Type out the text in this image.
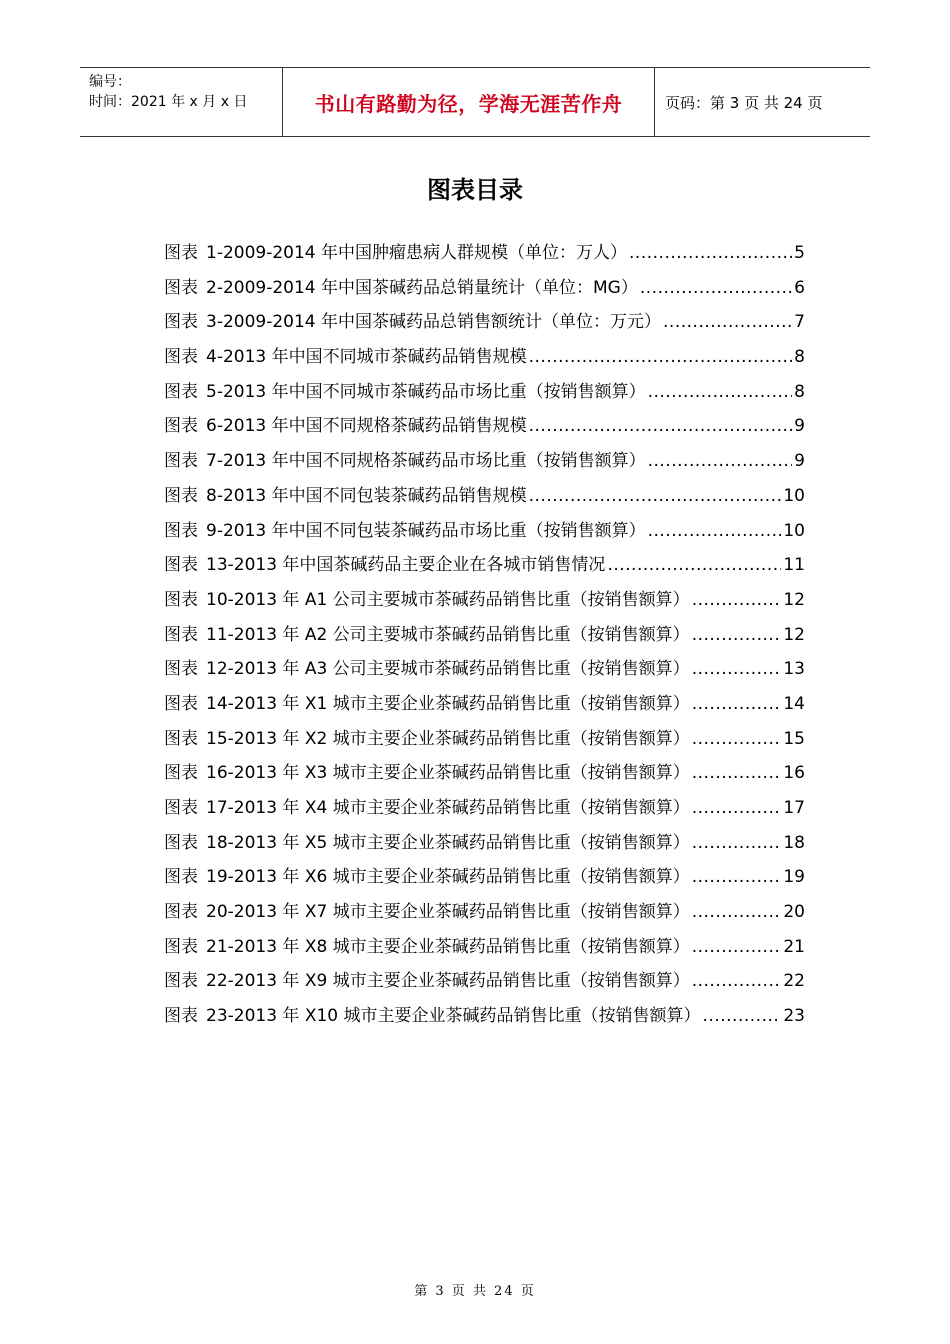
编号：
时间：2021 年 x 月 x 日	书山有路勤为径，学海无涯苦作舟	页码：第 3 页 共 24 页
图表目录
图表 1-2009-2014 年中国肿瘤患病人群规模（单位：万人） .....	5
图表 2-2009-2014 年中国茶碱药品总销量统计（单位：MG） .....	6
图表 3-2009-2014 年中国茶碱药品总销售额统计（单位：万元） .....	7
图表 4-2013 年中国不同城市茶碱药品销售规模 .....	8
图表 5-2013 年中国不同城市茶碱药品市场比重（按销售额算） .....	8
图表 6-2013 年中国不同规格茶碱药品销售规模 .....	9
图表 7-2013 年中国不同规格茶碱药品市场比重（按销售额算） .....	9
图表 8-2013 年中国不同包装茶碱药品销售规模 .....	10
图表 9-2013 年中国不同包装茶碱药品市场比重（按销售额算） .....	10
图表 13-2013 年中国茶碱药品主要企业在各城市销售情况 .....	11
图表 10-2013 年 A1 公司主要城市茶碱药品销售比重（按销售额算） .....	12
图表 11-2013 年 A2 公司主要城市茶碱药品销售比重（按销售额算） .....	12
图表 12-2013 年 A3 公司主要城市茶碱药品销售比重（按销售额算） .....	13
图表 14-2013 年 X1 城市主要企业茶碱药品销售比重（按销售额算） .....	14
图表 15-2013 年 X2 城市主要企业茶碱药品销售比重（按销售额算） .....	15
图表 16-2013 年 X3 城市主要企业茶碱药品销售比重（按销售额算） .....	16
图表 17-2013 年 X4 城市主要企业茶碱药品销售比重（按销售额算） .....	17
图表 18-2013 年 X5 城市主要企业茶碱药品销售比重（按销售额算） .....	18
图表 19-2013 年 X6 城市主要企业茶碱药品销售比重（按销售额算） .....	19
图表 20-2013 年 X7 城市主要企业茶碱药品销售比重（按销售额算） .....	20
图表 21-2013 年 X8 城市主要企业茶碱药品销售比重（按销售额算） .....	21
图表 22-2013 年 X9 城市主要企业茶碱药品销售比重（按销售额算） .....	22
图表 23-2013 年 X10 城市主要企业茶碱药品销售比重（按销售额算） .....	23
第 3 页 共 24 页
